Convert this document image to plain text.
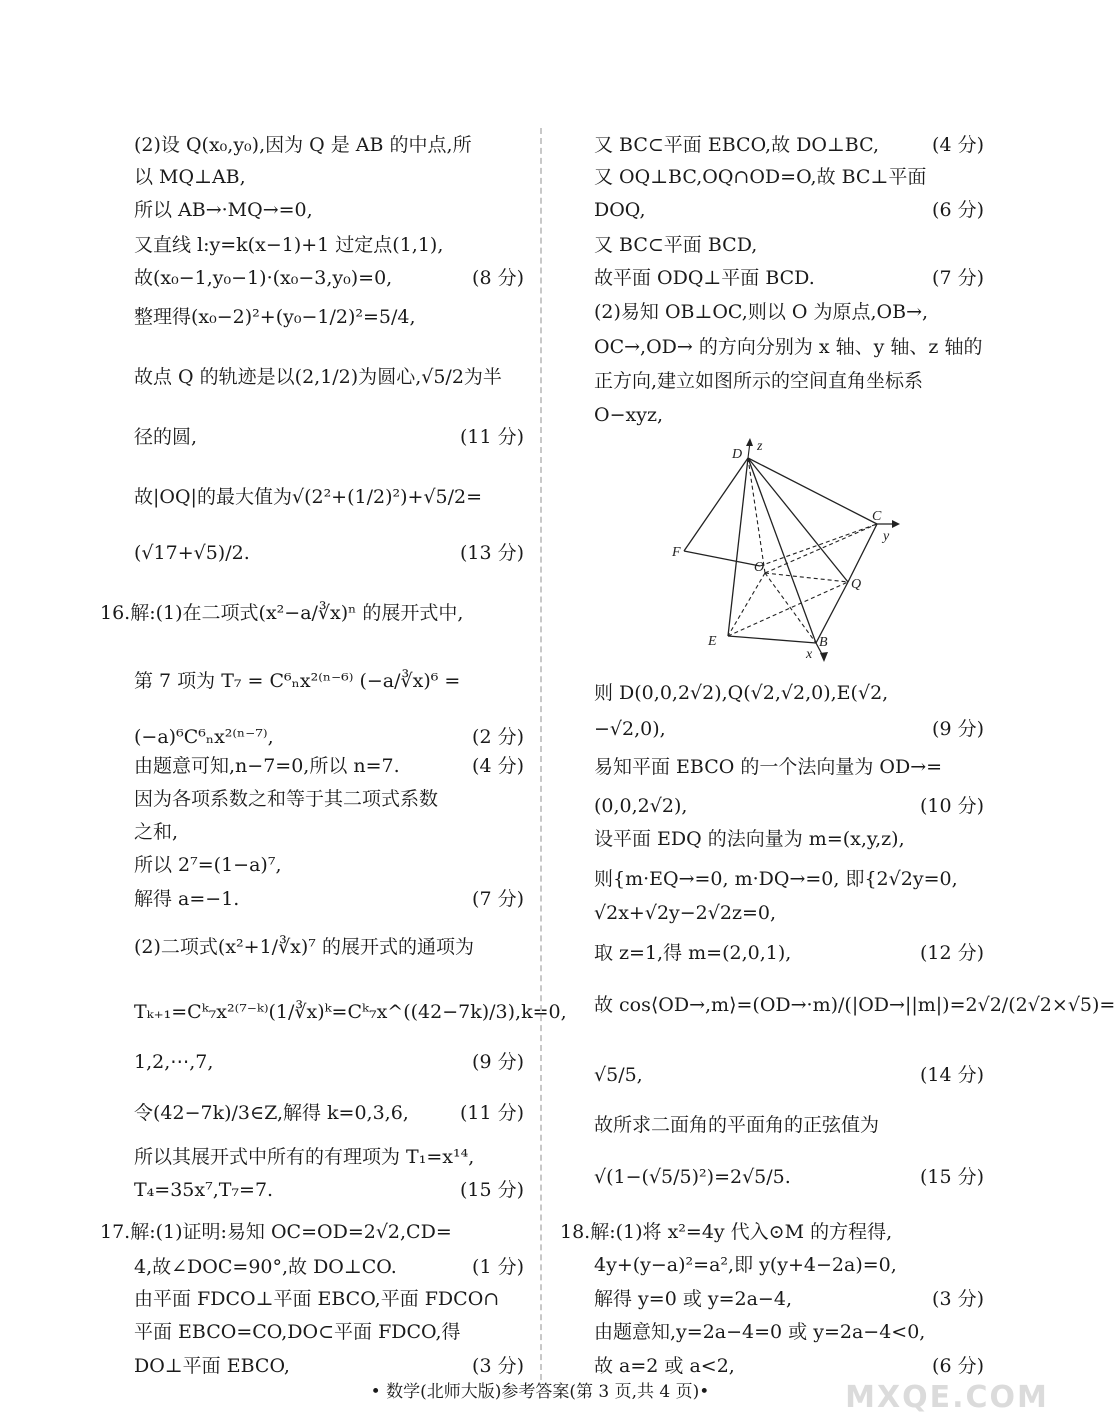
(2)设 Q(x₀,y₀),因为 Q 是 AB 的中点,所
以 MQ⊥AB,
所以 AB→·MQ→=0,
又直线 l:y=k(x−1)+1 过定点(1,1),
故(x₀−1,y₀−1)·(x₀−3,y₀)=0,	(8 分)
整理得(x₀−2)²+(y₀−1/2)²=5/4,
故点 Q 的轨迹是以(2,1/2)为圆心,√5/2为半
径的圆,	(11 分)
故|OQ|的最大值为√(2²+(1/2)²)+√5/2=
(√17+√5)/2.	(13 分)
16.解:(1)在二项式(x²−a/∛x)ⁿ 的展开式中,
第 7 项为 T₇ = C⁶ₙx²⁽ⁿ⁻⁶⁾ (−a/∛x)⁶ =
(−a)⁶C⁶ₙx²⁽ⁿ⁻⁷⁾,	(2 分)
由题意可知,n−7=0,所以 n=7.	(4 分)
因为各项系数之和等于其二项式系数
之和,
所以 2⁷=(1−a)⁷,
解得 a=−1.	(7 分)
(2)二项式(x²+1/∛x)⁷ 的展开式的通项为
Tₖ₊₁=Cᵏ₇x²⁽⁷⁻ᵏ⁾(1/∛x)ᵏ=Cᵏ₇x^((42−7k)/3),k=0,
1,2,⋯,7,	(9 分)
令(42−7k)/3∈Z,解得 k=0,3,6,	(11 分)
所以其展开式中所有的有理项为 T₁=x¹⁴,
T₄=35x⁷,T₇=7.	(15 分)
17.解:(1)证明:易知 OC=OD=2√2,CD=
4,故∠DOC=90°,故 DO⊥CO.	(1 分)
由平面 FDCO⊥平面 EBCO,平面 FDCO∩
平面 EBCO=CO,DO⊂平面 FDCO,得
DO⊥平面 EBCO,	(3 分)
又 BC⊂平面 EBCO,故 DO⊥BC,	(4 分)
又 OQ⊥BC,OQ∩OD=O,故 BC⊥平面
DOQ,	(6 分)
又 BC⊂平面 BCD,
故平面 ODQ⊥平面 BCD.	(7 分)
(2)易知 OB⊥OC,则以 O 为原点,OB→,
OC→,OD→ 的方向分别为 x 轴、y 轴、z 轴的
正方向,建立如图所示的空间直角坐标系
O−xyz,
则 D(0,0,2√2),Q(√2,√2,0),E(√2,
−√2,0),	(9 分)
易知平面 EBCO 的一个法向量为 OD→=
(0,0,2√2),	(10 分)
设平面 EDQ 的法向量为 m=(x,y,z),
则{m·EQ→=0, m·DQ→=0, 即{2√2y=0,
√2x+√2y−2√2z=0,
取 z=1,得 m=(2,0,1),	(12 分)
故 cos⟨OD→,m⟩=(OD→·m)/(|OD→||m|)=2√2/(2√2×√5)=
√5/5,	(14 分)
故所求二面角的平面角的正弦值为
√(1−(√5/5)²)=2√5/5.	(15 分)
18.解:(1)将 x²=4y 代入⊙M 的方程得,
4y+(y−a)²=a²,即 y(y+4−2a)=0,
解得 y=0 或 y=2a−4,	(3 分)
由题意知,y=2a−4=0 或 y=2a−4<0,
故 a=2 或 a<2,	(6 分)
D
z
C
y
F
O
Q
E	B
x
• 数学(北师大版)参考答案(第 3 页,共 4 页)•	MXQE.COM
